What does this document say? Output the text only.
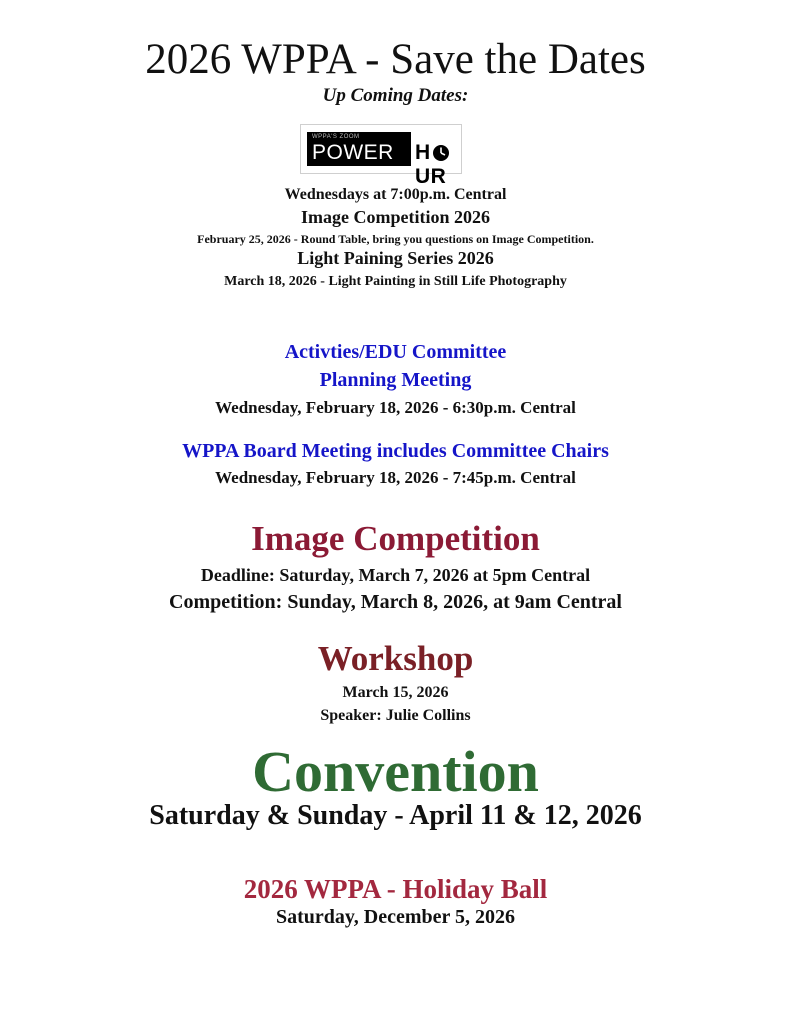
2026 WPPA - Save the Dates
Up Coming Dates:
WPPA'S ZOOM
POWER HUR
Wednesdays at 7:00p.m. Central
Image Competition 2026
February 25, 2026 - Round Table, bring you questions on Image Competition.
Light Paining Series 2026
March 18, 2026 - Light Painting in Still Life Photography
Activties/EDU Committee
Planning Meeting
Wednesday, February 18, 2026 - 6:30p.m. Central
WPPA Board Meeting includes Committee Chairs
Wednesday, February 18, 2026 - 7:45p.m. Central
Image Competition
Deadline: Saturday, March 7, 2026 at 5pm Central
Competition: Sunday, March 8, 2026, at 9am Central
Workshop
March 15, 2026
Speaker: Julie Collins
Convention
Saturday & Sunday - April 11 & 12, 2026
2026 WPPA - Holiday Ball
Saturday, December 5, 2026
